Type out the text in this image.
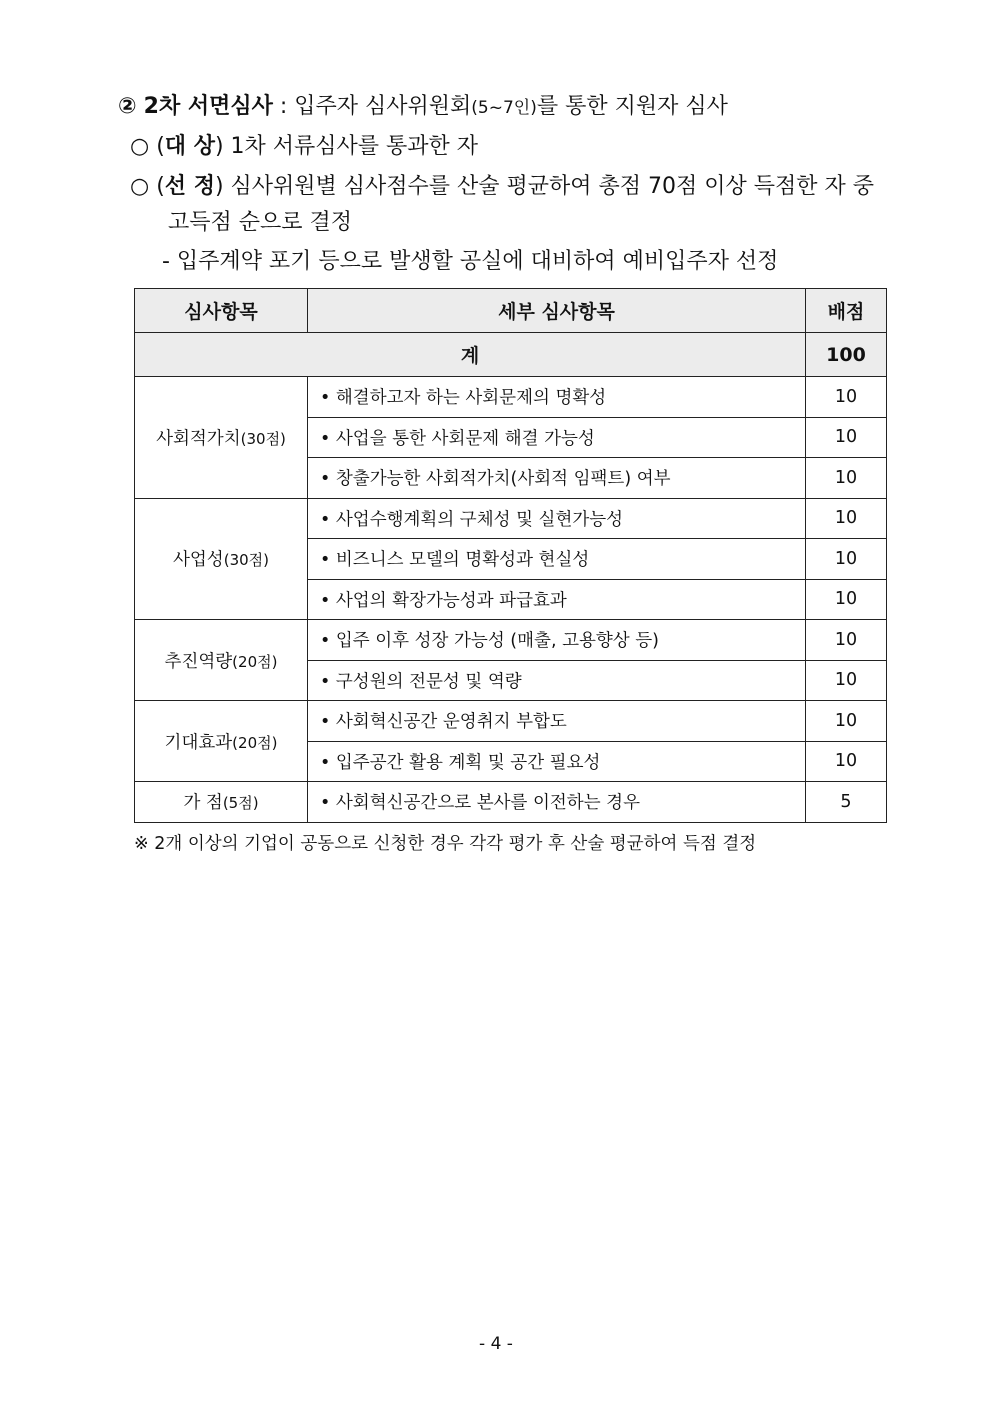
② 2차 서면심사 : 입주자 심사위원회(5~7인)를 통한 지원자 심사
○ (대 상) 1차 서류심사를 통과한 자
○ (선 정) 심사위원별 심사점수를 산술 평균하여 총점 70점 이상 득점한 자 중
고득점 순으로 결정
- 입주계약 포기 등으로 발생할 공실에 대비하여 예비입주자 선정
심사항목	세부 심사항목	배점
계		100
사회적가치(30점)	• 해결하고자 하는 사회문제의 명확성	10
	• 사업을 통한 사회문제 해결 가능성	10
	• 창출가능한 사회적가치(사회적 임팩트) 여부	10
사업성(30점)	• 사업수행계획의 구체성 및 실현가능성	10
	• 비즈니스 모델의 명확성과 현실성	10
	• 사업의 확장가능성과 파급효과	10
추진역량(20점)	• 입주 이후 성장 가능성 (매출, 고용향상 등)	10
	• 구성원의 전문성 및 역량	10
기대효과(20점)	• 사회혁신공간 운영취지 부합도	10
	• 입주공간 활용 계획 및 공간 필요성	10
가 점(5점)	• 사회혁신공간으로 본사를 이전하는 경우	5
※ 2개 이상의 기업이 공동으로 신청한 경우 각각 평가 후 산술 평균하여 득점 결정
- 4 -
